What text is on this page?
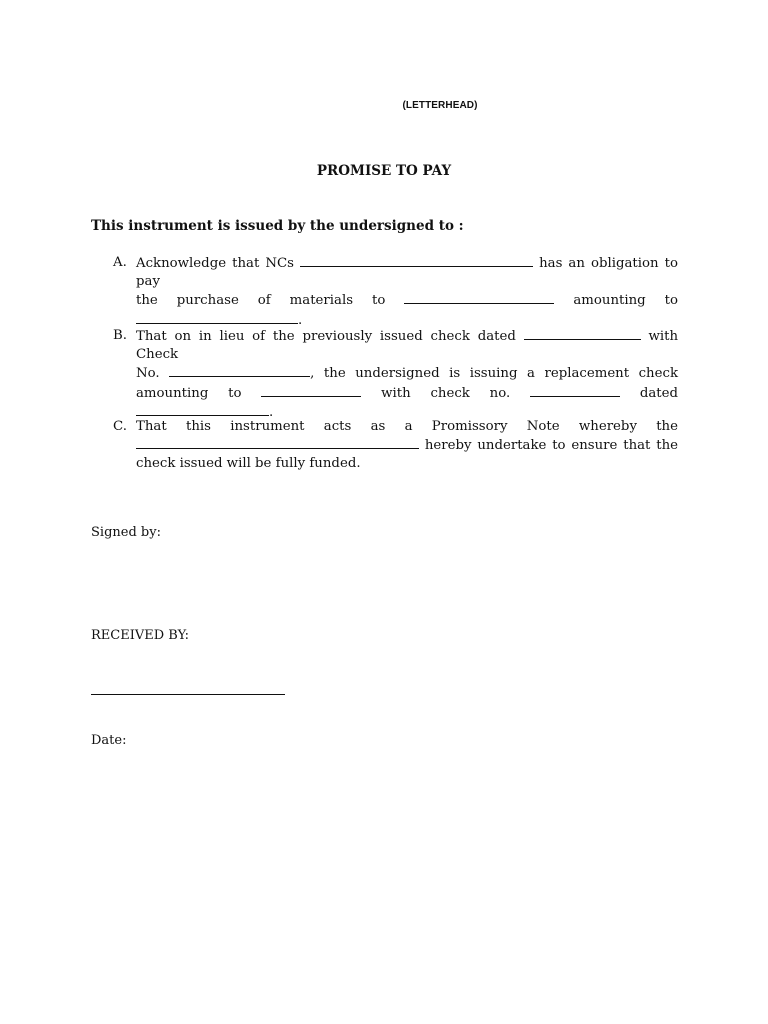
(LETTERHEAD)
PROMISE TO PAY
This instrument is issued by the undersigned to :
A. Acknowledge that NCs	has an obligation to pay
the purchase of materials to	amounting to
.
B. That on in lieu of the previously issued check dated	with Check
No.	, the undersigned is issuing a replacement check
amounting to	with check no.	dated
.
C. That this instrument acts as a Promissory Note whereby the
hereby undertake to ensure that the
check issued will be fully funded.
Signed by:
RECEIVED BY:
Date:
